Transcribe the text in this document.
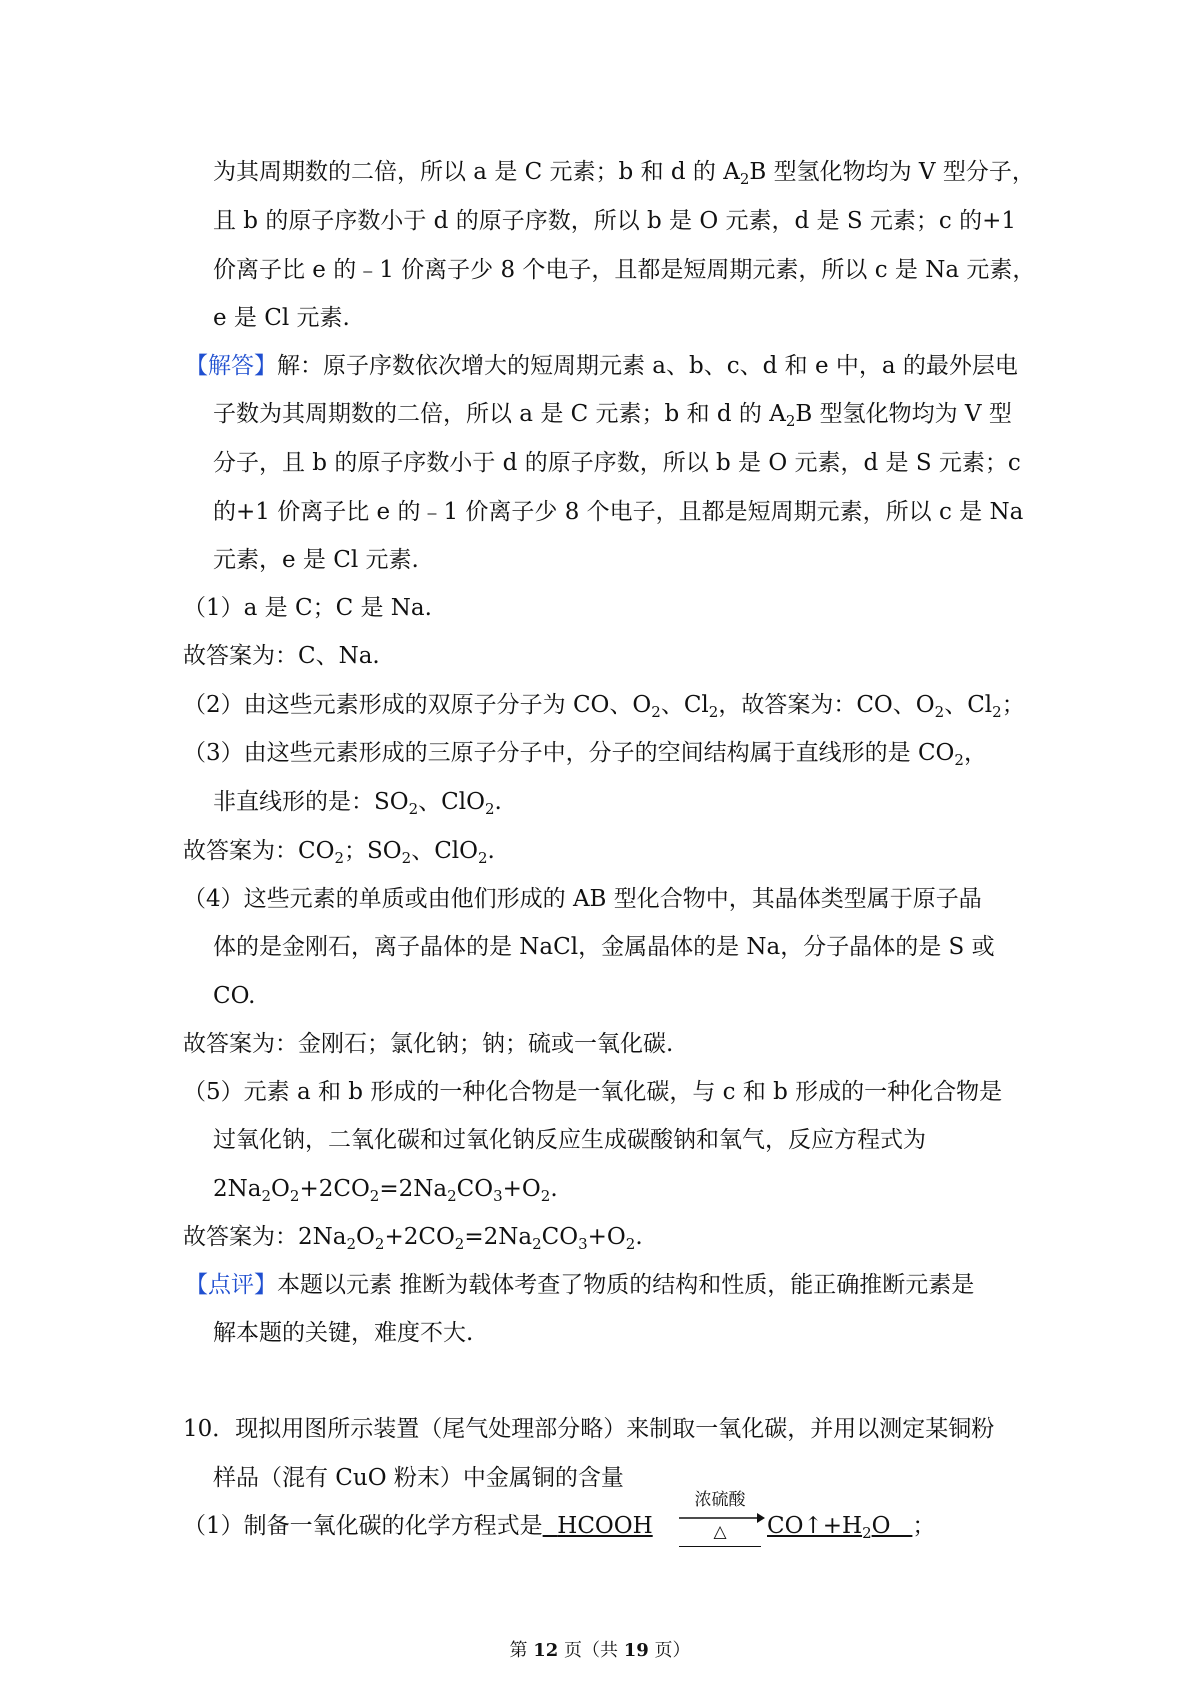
为其周期数的二倍，所以 a 是 C 元素；b 和 d 的 $A_2B$ 型氢化物均为 V 型分子，
且 b 的原子序数小于 d 的原子序数，所以 b 是 O 元素，d 是 S 元素；c 的+1
价离子比 e 的﹣1 价离子少 8 个电子，且都是短周期元素，所以 c 是 Na 元素，
e 是 Cl 元素.
【解答】解：原子序数依次增大的短周期元素 a、b、c、d 和 e 中，a 的最外层电
子数为其周期数的二倍，所以 a 是 C 元素；b 和 d 的 $A_2B$ 型氢化物均为 V 型
分子，且 b 的原子序数小于 d 的原子序数，所以 b 是 O 元素，d 是 S 元素；c
的+1 价离子比 e 的﹣1 价离子少 8 个电子，且都是短周期元素，所以 c 是 Na
元素，e 是 Cl 元素.
（1）a 是 C；C 是 Na.
故答案为：C、Na.
（2）由这些元素形成的双原子分子为 CO、$O_2$、$Cl_2$，故答案为：CO、$O_2$、$Cl_2$；
（3）由这些元素形成的三原子分子中，分子的空间结构属于直线形的是 $CO_2$，
非直线形的是：$SO_2$、ClO$_2$.
故答案为：$CO_2$；$SO_2$、ClO$_2$.
（4）这些元素的单质或由他们形成的 AB 型化合物中，其晶体类型属于原子晶
体的是金刚石，离子晶体的是 NaCl，金属晶体的是 Na，分子晶体的是 S 或
CO.
故答案为：金刚石；氯化钠；钠；硫或一氧化碳.
（5）元素 a 和 b 形成的一种化合物是一氧化碳，与 c 和 b 形成的一种化合物是
过氧化钠，二氧化碳和过氧化钠反应生成碳酸钠和氧气，反应方程式为
$2Na_2O_2+2CO_2=2Na_2CO_3+O_2$.
故答案为：$2Na_2O_2+2CO_2=2Na_2CO_3+O_2$.
【点评】本题以元素 推断为载体考查了物质的结构和性质，能正确推断元素是
解本题的关键，难度不大.
10．现拟用图所示装置（尾气处理部分略）来制取一氧化碳，并用以测定某铜粉
样品（混有 CuO 粉末）中金属铜的含量
（1）制备一氧化碳的化学方程式是 HCOOH
浓硫酸
△	$CO↑+H_2O$   ；
第 12 页（共 19 页）
